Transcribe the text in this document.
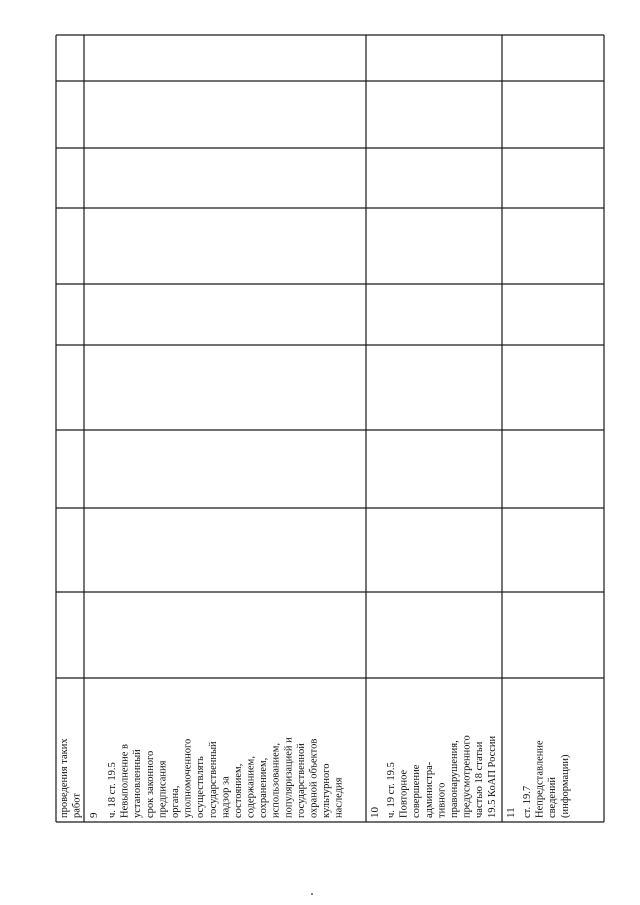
проведения таких
работ 9 ч. 18 ст. 19.5
Невыполнение в
установленный
срок законного
предписания
органа,
уполномоченного
осуществлять
государственный
надзор за
состоянием,
содержанием,
сохранением,
использованием,
популяризацией и
государственной
охраной объектов
культурного
наследия 10 ч. 19 ст. 19.5
Повторное
совершение
администра-
тивного
правонарушения,
предусмотренного
частью 18 статьи
19.5 КоАП России
11 ст. 19.7
Непредставление
сведений
(информации)
